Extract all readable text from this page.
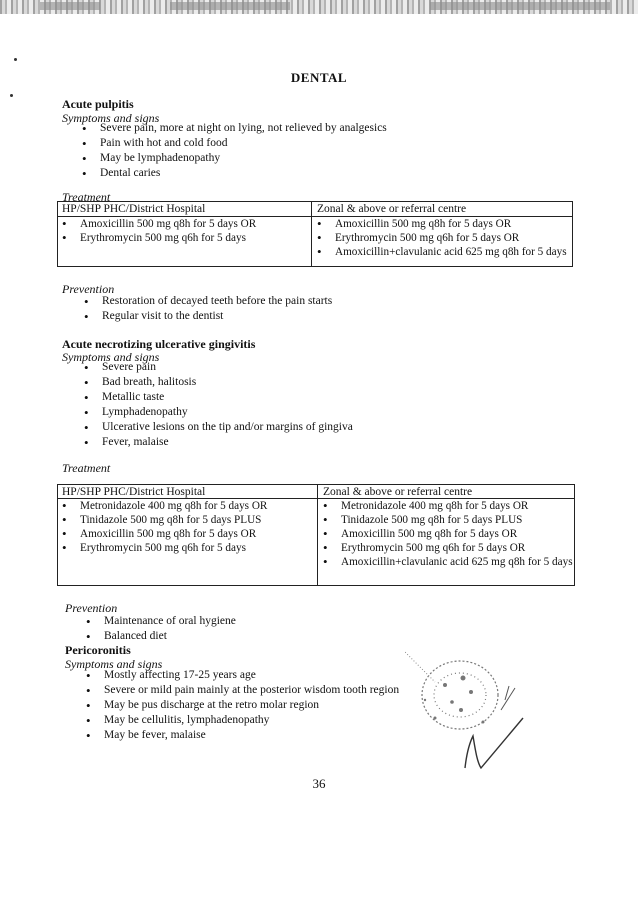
DENTAL
Acute pulpitis
Symptoms and signs
• Severe pain, more at night on lying, not relieved by analgesics
• Pain with hot and cold food
• May be lymphadenopathy
• Dental caries
Treatment
HP/SHP PHC/District Hospital	Zonal & above or referral centre
• Amoxicillin 500 mg q8h for 5 days OR
• Erythromycin 500 mg q6h for 5 days
• Amoxicillin 500 mg q8h for 5 days OR
• Erythromycin 500 mg q6h for 5 days OR
• Amoxicillin+clavulanic acid 625 mg q8h for 5 days
Prevention
• Restoration of decayed teeth before the pain starts
• Regular visit to the dentist
Acute necrotizing ulcerative gingivitis
Symptoms and signs
• Severe pain
• Bad breath, halitosis
• Metallic taste
• Lymphadenopathy
• Ulcerative lesions on the tip and/or margins of gingiva
• Fever, malaise
Treatment
HP/SHP PHC/District Hospital	Zonal & above or referral centre
• Metronidazole 400 mg q8h for 5 days OR
• Tinidazole 500 mg q8h for 5 days PLUS
• Amoxicillin 500 mg q8h for 5 days OR
• Erythromycin 500 mg q6h for 5 days
• Metronidazole 400 mg q8h for 5 days OR
• Tinidazole 500 mg q8h for 5 days PLUS
• Amoxicillin 500 mg q8h for 5 days OR
• Erythromycin 500 mg q6h for 5 days OR
• Amoxicillin+clavulanic acid 625 mg q8h for 5 days
Prevention
• Maintenance of oral hygiene
• Balanced diet
Pericoronitis
Symptoms and signs
• Mostly affecting 17-25 years age
• Severe or mild pain mainly at the posterior wisdom tooth region
• May be pus discharge at the retro molar region
• May be cellulitis, lymphadenopathy
• May be fever, malaise
36
